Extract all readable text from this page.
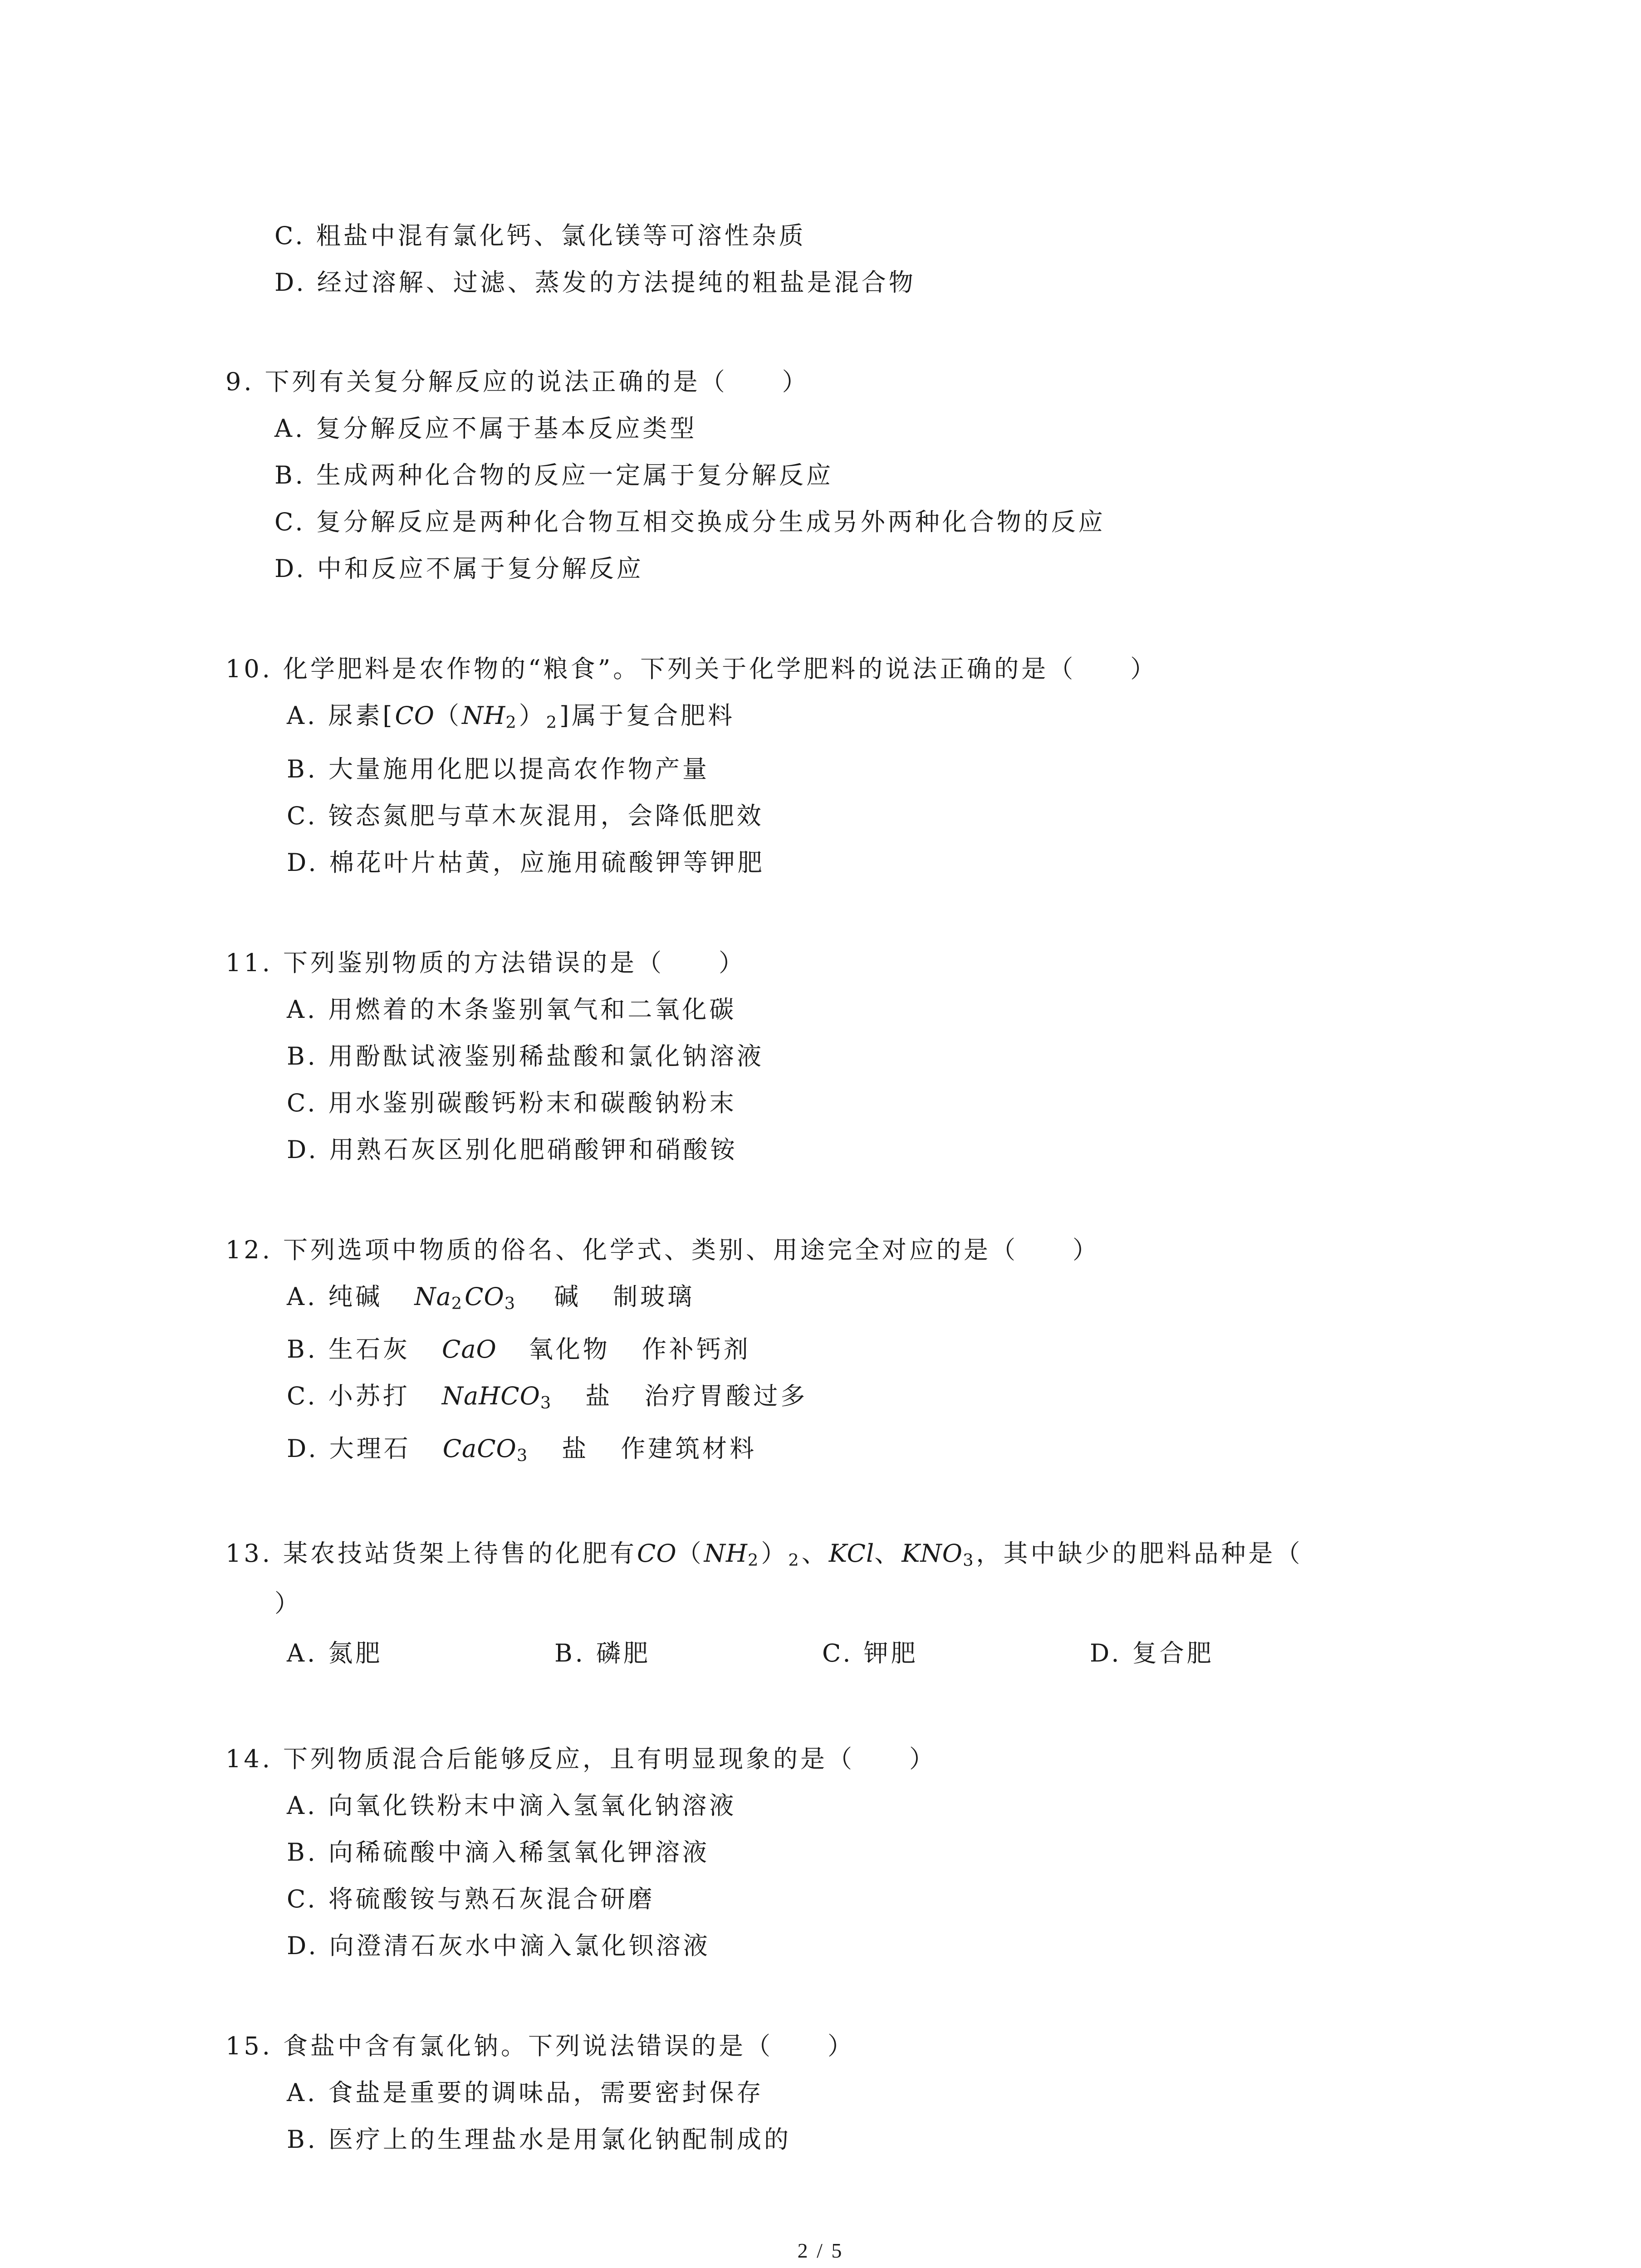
C. 粗盐中混有氯化钙、氯化镁等可溶性杂质
D. 经过溶解、过滤、蒸发的方法提纯的粗盐是混合物
9. 下列有关复分解反应的说法正确的是（　　）
A. 复分解反应不属于基本反应类型
B. 生成两种化合物的反应一定属于复分解反应
C. 复分解反应是两种化合物互相交换成分生成另外两种化合物的反应
D. 中和反应不属于复分解反应
10. 化学肥料是农作物的“粮食”。下列关于化学肥料的说法正确的是（　　）
A. 尿素$[CO(NH_2)_2]$属于复合肥料
B. 大量施用化肥以提高农作物产量
C. 铵态氮肥与草木灰混用，会降低肥效
D. 棉花叶片枯黄，应施用硫酸钾等钾肥
11. 下列鉴别物质的方法错误的是（　　）
A. 用燃着的木条鉴别氧气和二氧化碳
B. 用酚酞试液鉴别稀盐酸和氯化钠溶液
C. 用水鉴别碳酸钙粉末和碳酸钠粉末
D. 用熟石灰区别化肥硝酸钾和硝酸铵
12. 下列选项中物质的俗名、化学式、类别、用途完全对应的是（　　）
A. 纯碱 $Na_2CO_3$ 碱 制玻璃
B. 生石灰 CaO 氧化物 作补钙剂
C. 小苏打 NaHCO$_3$ 盐 治疗胃酸过多
D. 大理石 CaCO$_3$ 盐 作建筑材料
13. 某农技站货架上待售的化肥有$CO(NH_2)_2$、KCl、$KNO_3$，其中缺少的肥料品种是（
）
A. 氮肥	B. 磷肥	C. 钾肥	D. 复合肥
14. 下列物质混合后能够反应，且有明显现象的是（　　）
A. 向氧化铁粉末中滴入氢氧化钠溶液
B. 向稀硫酸中滴入稀氢氧化钾溶液
C. 将硫酸铵与熟石灰混合研磨
D. 向澄清石灰水中滴入氯化钡溶液
15. 食盐中含有氯化钠。下列说法错误的是（　　）
A. 食盐是重要的调味品，需要密封保存
B. 医疗上的生理盐水是用氯化钠配制成的
2 / 5
